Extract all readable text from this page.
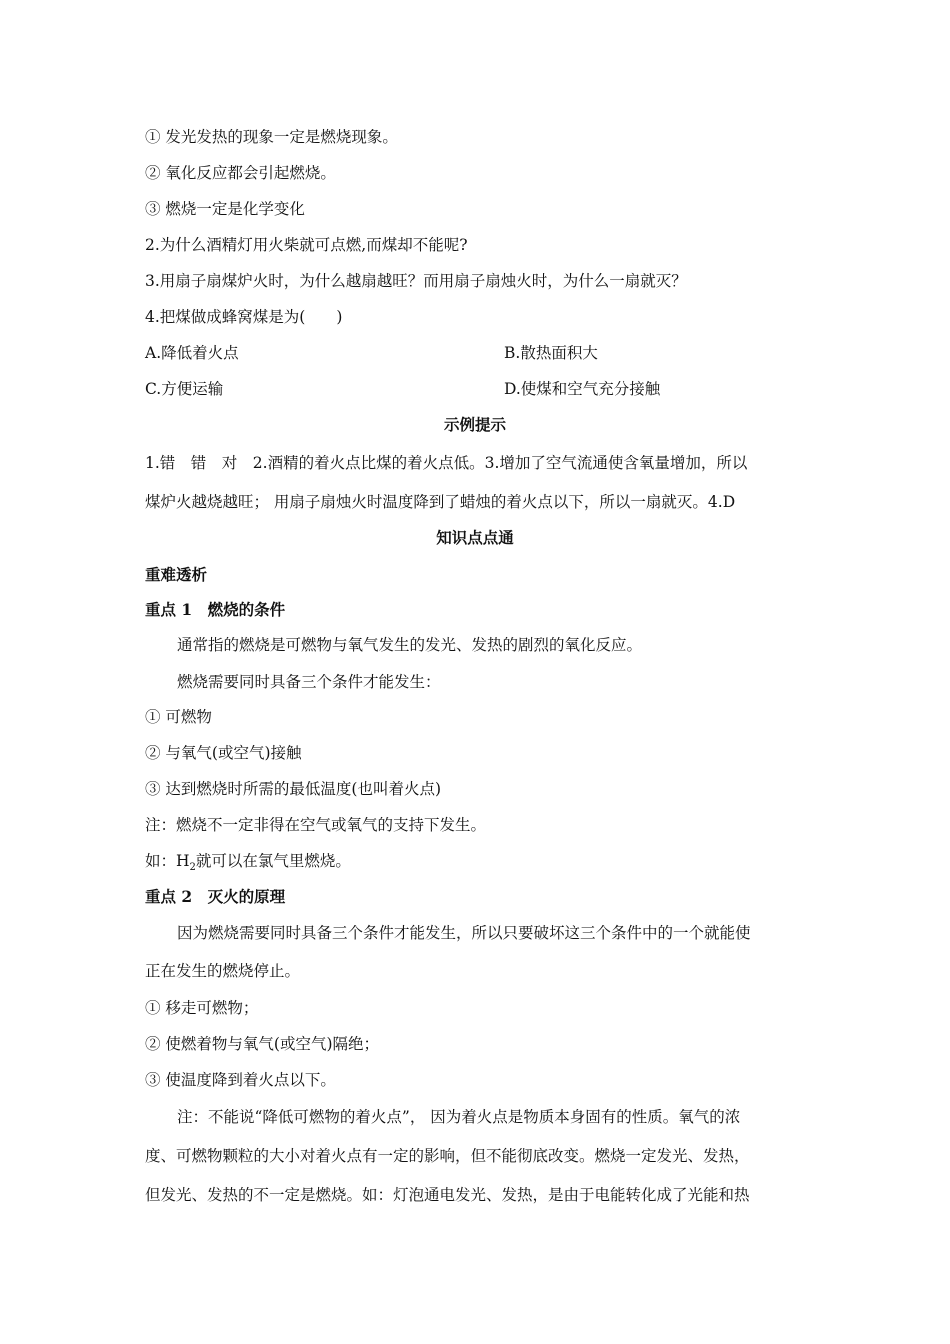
① 发光发热的现象一定是燃烧现象。
② 氧化反应都会引起燃烧。
③ 燃烧一定是化学变化
2.为什么酒精灯用火柴就可点燃,而煤却不能呢?
3.用扇子扇煤炉火时，为什么越扇越旺？而用扇子扇烛火时，为什么一扇就灭？
4.把煤做成蜂窝煤是为(　　)
A.降低着火点	B.散热面积大
C.方便运输	D.使煤和空气充分接触
示例提示
1.错　错　对　2.酒精的着火点比煤的着火点低。3.增加了空气流通使含氧量增加，所以
煤炉火越烧越旺； 用扇子扇烛火时温度降到了蜡烛的着火点以下，所以一扇就灭。4.D
知识点点通
重难透析
重点 1　燃烧的条件
通常指的燃烧是可燃物与氧气发生的发光、发热的剧烈的氧化反应。
燃烧需要同时具备三个条件才能发生：
① 可燃物
② 与氧气(或空气)接触
③ 达到燃烧时所需的最低温度(也叫着火点)
注：燃烧不一定非得在空气或氧气的支持下发生。
如：$H_2$就可以在氯气里燃烧。
重点 2　灭火的原理
因为燃烧需要同时具备三个条件才能发生，所以只要破坏这三个条件中的一个就能使
正在发生的燃烧停止。
① 移走可燃物；
② 使燃着物与氧气(或空气)隔绝；
③ 使温度降到着火点以下。
注：不能说“降低可燃物的着火点”， 因为着火点是物质本身固有的性质。氧气的浓
度、可燃物颗粒的大小对着火点有一定的影响，但不能彻底改变。燃烧一定发光、发热，
但发光、发热的不一定是燃烧。如：灯泡通电发光、发热，是由于电能转化成了光能和热
